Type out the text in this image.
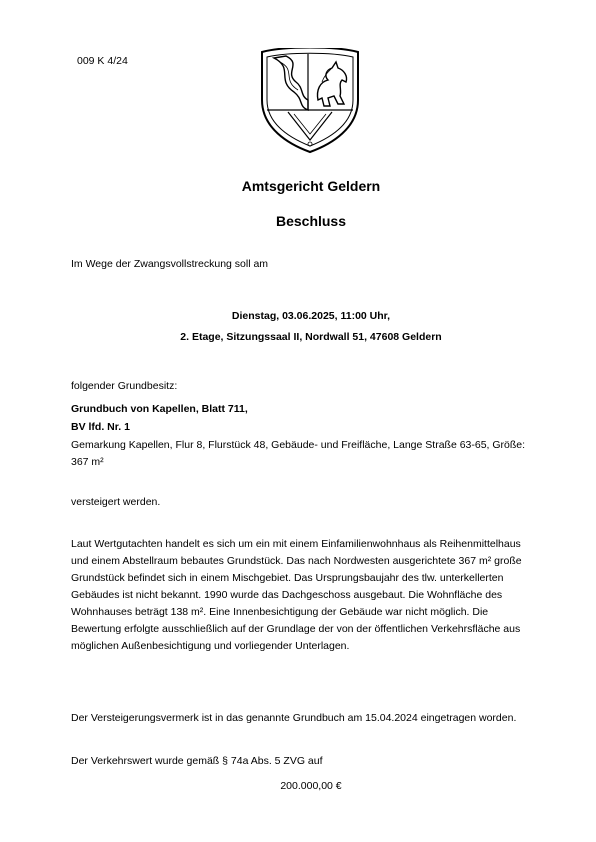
009 K 4/24
Amtsgericht Geldern
Beschluss

Im Wege der Zwangsvollstreckung soll am

Dienstag, 03.06.2025, 11:00 Uhr,
2. Etage, Sitzungssaal II, Nordwall 51, 47608 Geldern

folgender Grundbesitz:

Grundbuch von Kapellen, Blatt 711,

BV lfd. Nr. 1

Gemarkung Kapellen, Flur 8, Flurstück 48, Gebäude- und Freifläche, Lange Straße 63-65, Größe: 367 m²

versteigert werden.

Laut Wertgutachten handelt es sich um ein mit einem Einfamilienwohnhaus als Reihenmittelhaus und einem Abstellraum bebautes Grundstück. Das nach Nordwesten ausgerichtete 367 m² große Grundstück befindet sich in einem Mischgebiet. Das Ursprungsbaujahr des tlw. unterkellerten Gebäudes ist nicht bekannt. 1990 wurde das Dachgeschoss ausgebaut. Die Wohnfläche des Wohnhauses beträgt 138 m². Eine Innenbesichtigung der Gebäude war nicht möglich. Die Bewertung erfolgte ausschließlich auf der Grundlage der von der öffentlichen Verkehrsfläche aus möglichen Außenbesichtigung und vorliegender Unterlagen.

Der Versteigerungsvermerk ist in das genannte Grundbuch am 15.04.2024 eingetragen worden.

Der Verkehrswert wurde gemäß § 74a Abs. 5 ZVG auf

200.000,00 €
